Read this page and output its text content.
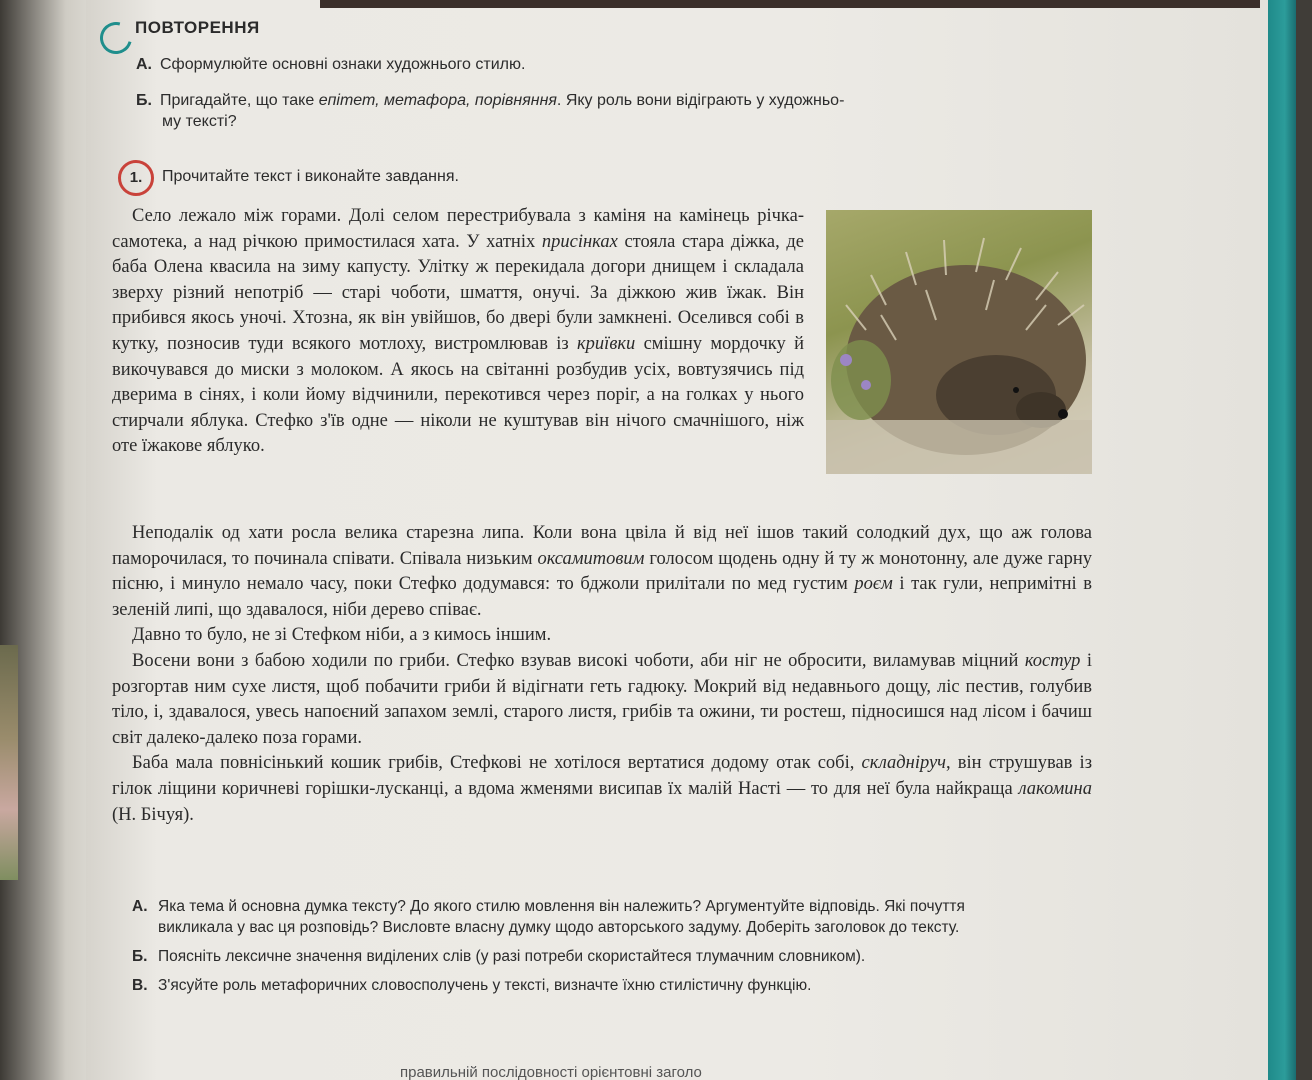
ПОВТОРЕННЯ
А. Сформулюйте основні ознаки художнього стилю.
Б. Пригадайте, що таке епітет, метафора, порівняння. Яку роль вони відіграють у художньо-
му тексті?
1.	Прочитайте текст і виконайте завдання.

Село лежало між горами. Долі селом перестрибувала з каміня на камінець річка-самотека, а над річкою примостилася хата. У хатніх присінках стояла стара діжка, де баба Олена квасила на зиму капусту. Улітку ж перекидала догори днищем і складала зверху різний непотріб — старі чоботи, шмаття, онучі. За діжкою жив їжак. Він прибився якось уночі. Хтозна, як він увійшов, бо двері були замкнені. Оселився собі в кутку, позносив туди всякого мотлоху, вистромлював із криївки смішну мордочку й викочувався до миски з молоком. А якось на світанні розбудив усіх, вовтузячись під дверима в сінях, і коли йому відчинили, перекотився через поріг, а на голках у нього стирчали яблука. Стефко з'їв одне — ніколи не куштував він нічого смачнішого, ніж оте їжакове яблуко.

Неподалік од хати росла велика старезна липа. Коли вона цвіла й від неї ішов такий солодкий дух, що аж голова паморочилася, то починала співати. Співала низьким оксамитовим голосом щодень одну й ту ж монотонну, але дуже гарну пісню, і минуло немало часу, поки Стефко додумався: то бджоли прилітали по мед густим роєм і так гули, непримітні в зеленій липі, що здавалося, ніби дерево співає.

Давно то було, не зі Стефком ніби, а з кимось іншим.

Восени вони з бабою ходили по гриби. Стефко взував високі чоботи, аби ніг не обросити, виламував міцний костур і розгортав ним сухе листя, щоб побачити гриби й відігнати геть гадюку. Мокрий від недавнього дощу, ліс пестив, голубив тіло, і, здавалося, увесь напоєний запахом землі, старого листя, грибів та ожини, ти ростеш, підносишся над лісом і бачиш світ далеко-далеко поза горами.

Баба мала повнісінький кошик грибів, Стефкові не хотілося вертатися додому отак собі, складніруч, він струшував із гілок ліщини коричневі горішки-лусканці, а вдома жменями висипав їх малій Насті — то для неї була найкраща лакомина (Н. Бічуя).

А. Яка тема й основна думка тексту? До якого стилю мовлення він належить? Аргументуйте відповідь. Які почуття викликала у вас ця розповідь? Висловте власну думку щодо авторського задуму. Доберіть заголовок до тексту.
Б. Поясніть лексичне значення виділених слів (у разі потреби скористайтеся тлумачним словником).
В. З'ясуйте роль метафоричних словосполучень у тексті, визначте їхню стилістичну функцію.
правильній послідовності орієнтовні заголо
